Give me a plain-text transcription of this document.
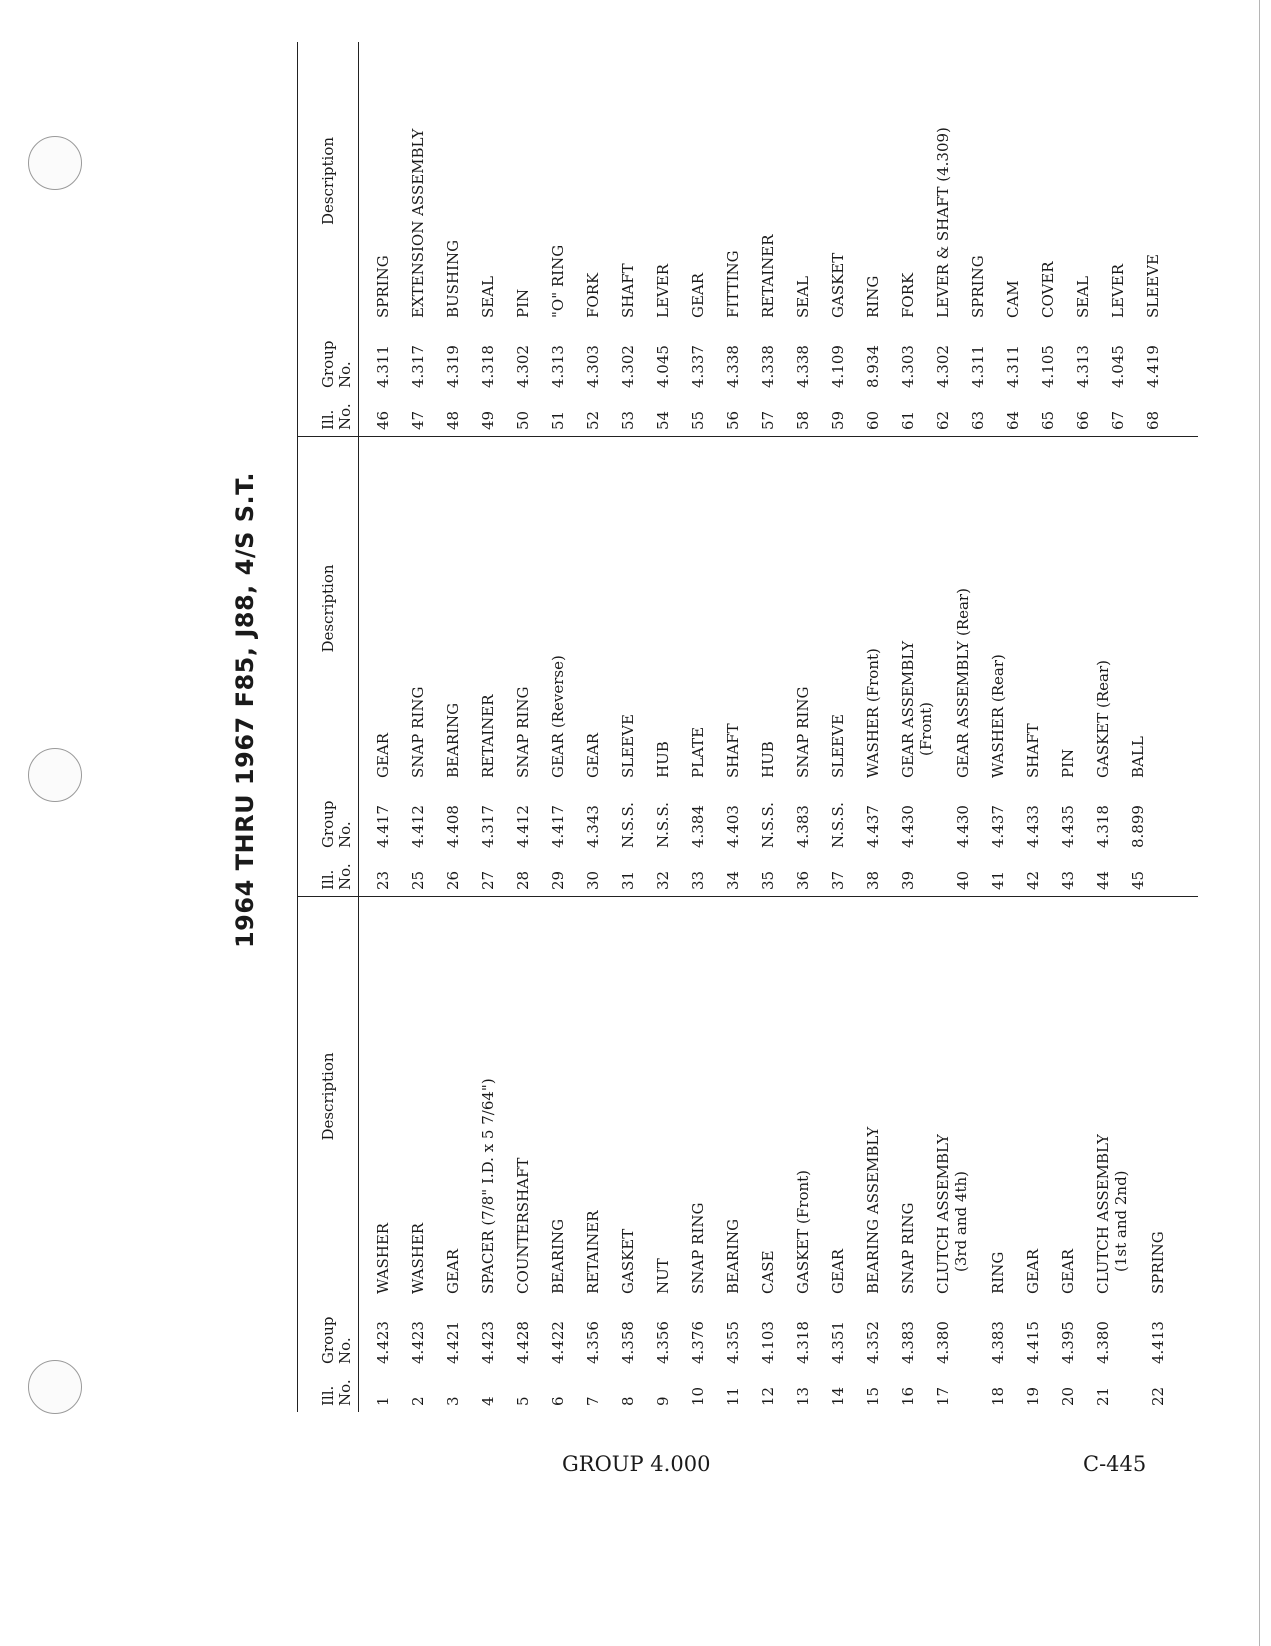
1964 THRU 1967 F85, J88, 4/S S.T.
Ill.
No.
Group
No.
Description
1
4.423
WASHER
2
4.423
WASHER
3
4.421
GEAR
4
4.423
SPACER (7/8" I.D. x 5 7/64")
5
4.428
COUNTERSHAFT
6
4.422
BEARING
7
4.356
RETAINER
8
4.358
GASKET
9
4.356
NUT
10
4.376
SNAP RING
11
4.355
BEARING
12
4.103
CASE
13
4.318
GASKET (Front)
14
4.351
GEAR
15
4.352
BEARING ASSEMBLY
16
4.383
SNAP RING
17
4.380
CLUTCH ASSEMBLY (3rd and 4th)
18
4.383
RING
19
4.415
GEAR
20
4.395
GEAR
21
4.380
CLUTCH ASSEMBLY (1st and 2nd)
22
4.413
SPRING
Ill.
No.
Group
No.
Description
23
4.417
GEAR
25
4.412
SNAP RING
26
4.408
BEARING
27
4.317
RETAINER
28
4.412
SNAP RING
29
4.417
GEAR (Reverse)
30
4.343
GEAR
31
N.S.S.
SLEEVE
32
N.S.S.
HUB
33
4.384
PLATE
34
4.403
SHAFT
35
N.S.S.
HUB
36
4.383
SNAP RING
37
N.S.S.
SLEEVE
38
4.437
WASHER (Front)
39
4.430
GEAR ASSEMBLY (Front)
40
4.430
GEAR ASSEMBLY (Rear)
41
4.437
WASHER (Rear)
42
4.433
SHAFT
43
4.435
PIN
44
4.318
GASKET (Rear)
45
8.899
BALL
Ill.
No.
Group
No.
Description
46
4.311
SPRING
47
4.317
EXTENSION ASSEMBLY
48
4.319
BUSHING
49
4.318
SEAL
50
4.302
PIN
51
4.313
"O" RING
52
4.303
FORK
53
4.302
SHAFT
54
4.045
LEVER
55
4.337
GEAR
56
4.338
FITTING
57
4.338
RETAINER
58
4.338
SEAL
59
4.109
GASKET
60
8.934
RING
61
4.303
FORK
62
4.302
LEVER & SHAFT (4.309)
63
4.311
SPRING
64
4.311
CAM
65
4.105
COVER
66
4.313
SEAL
67
4.045
LEVER
68
4.419
SLEEVE
GROUP 4.000	C-445
